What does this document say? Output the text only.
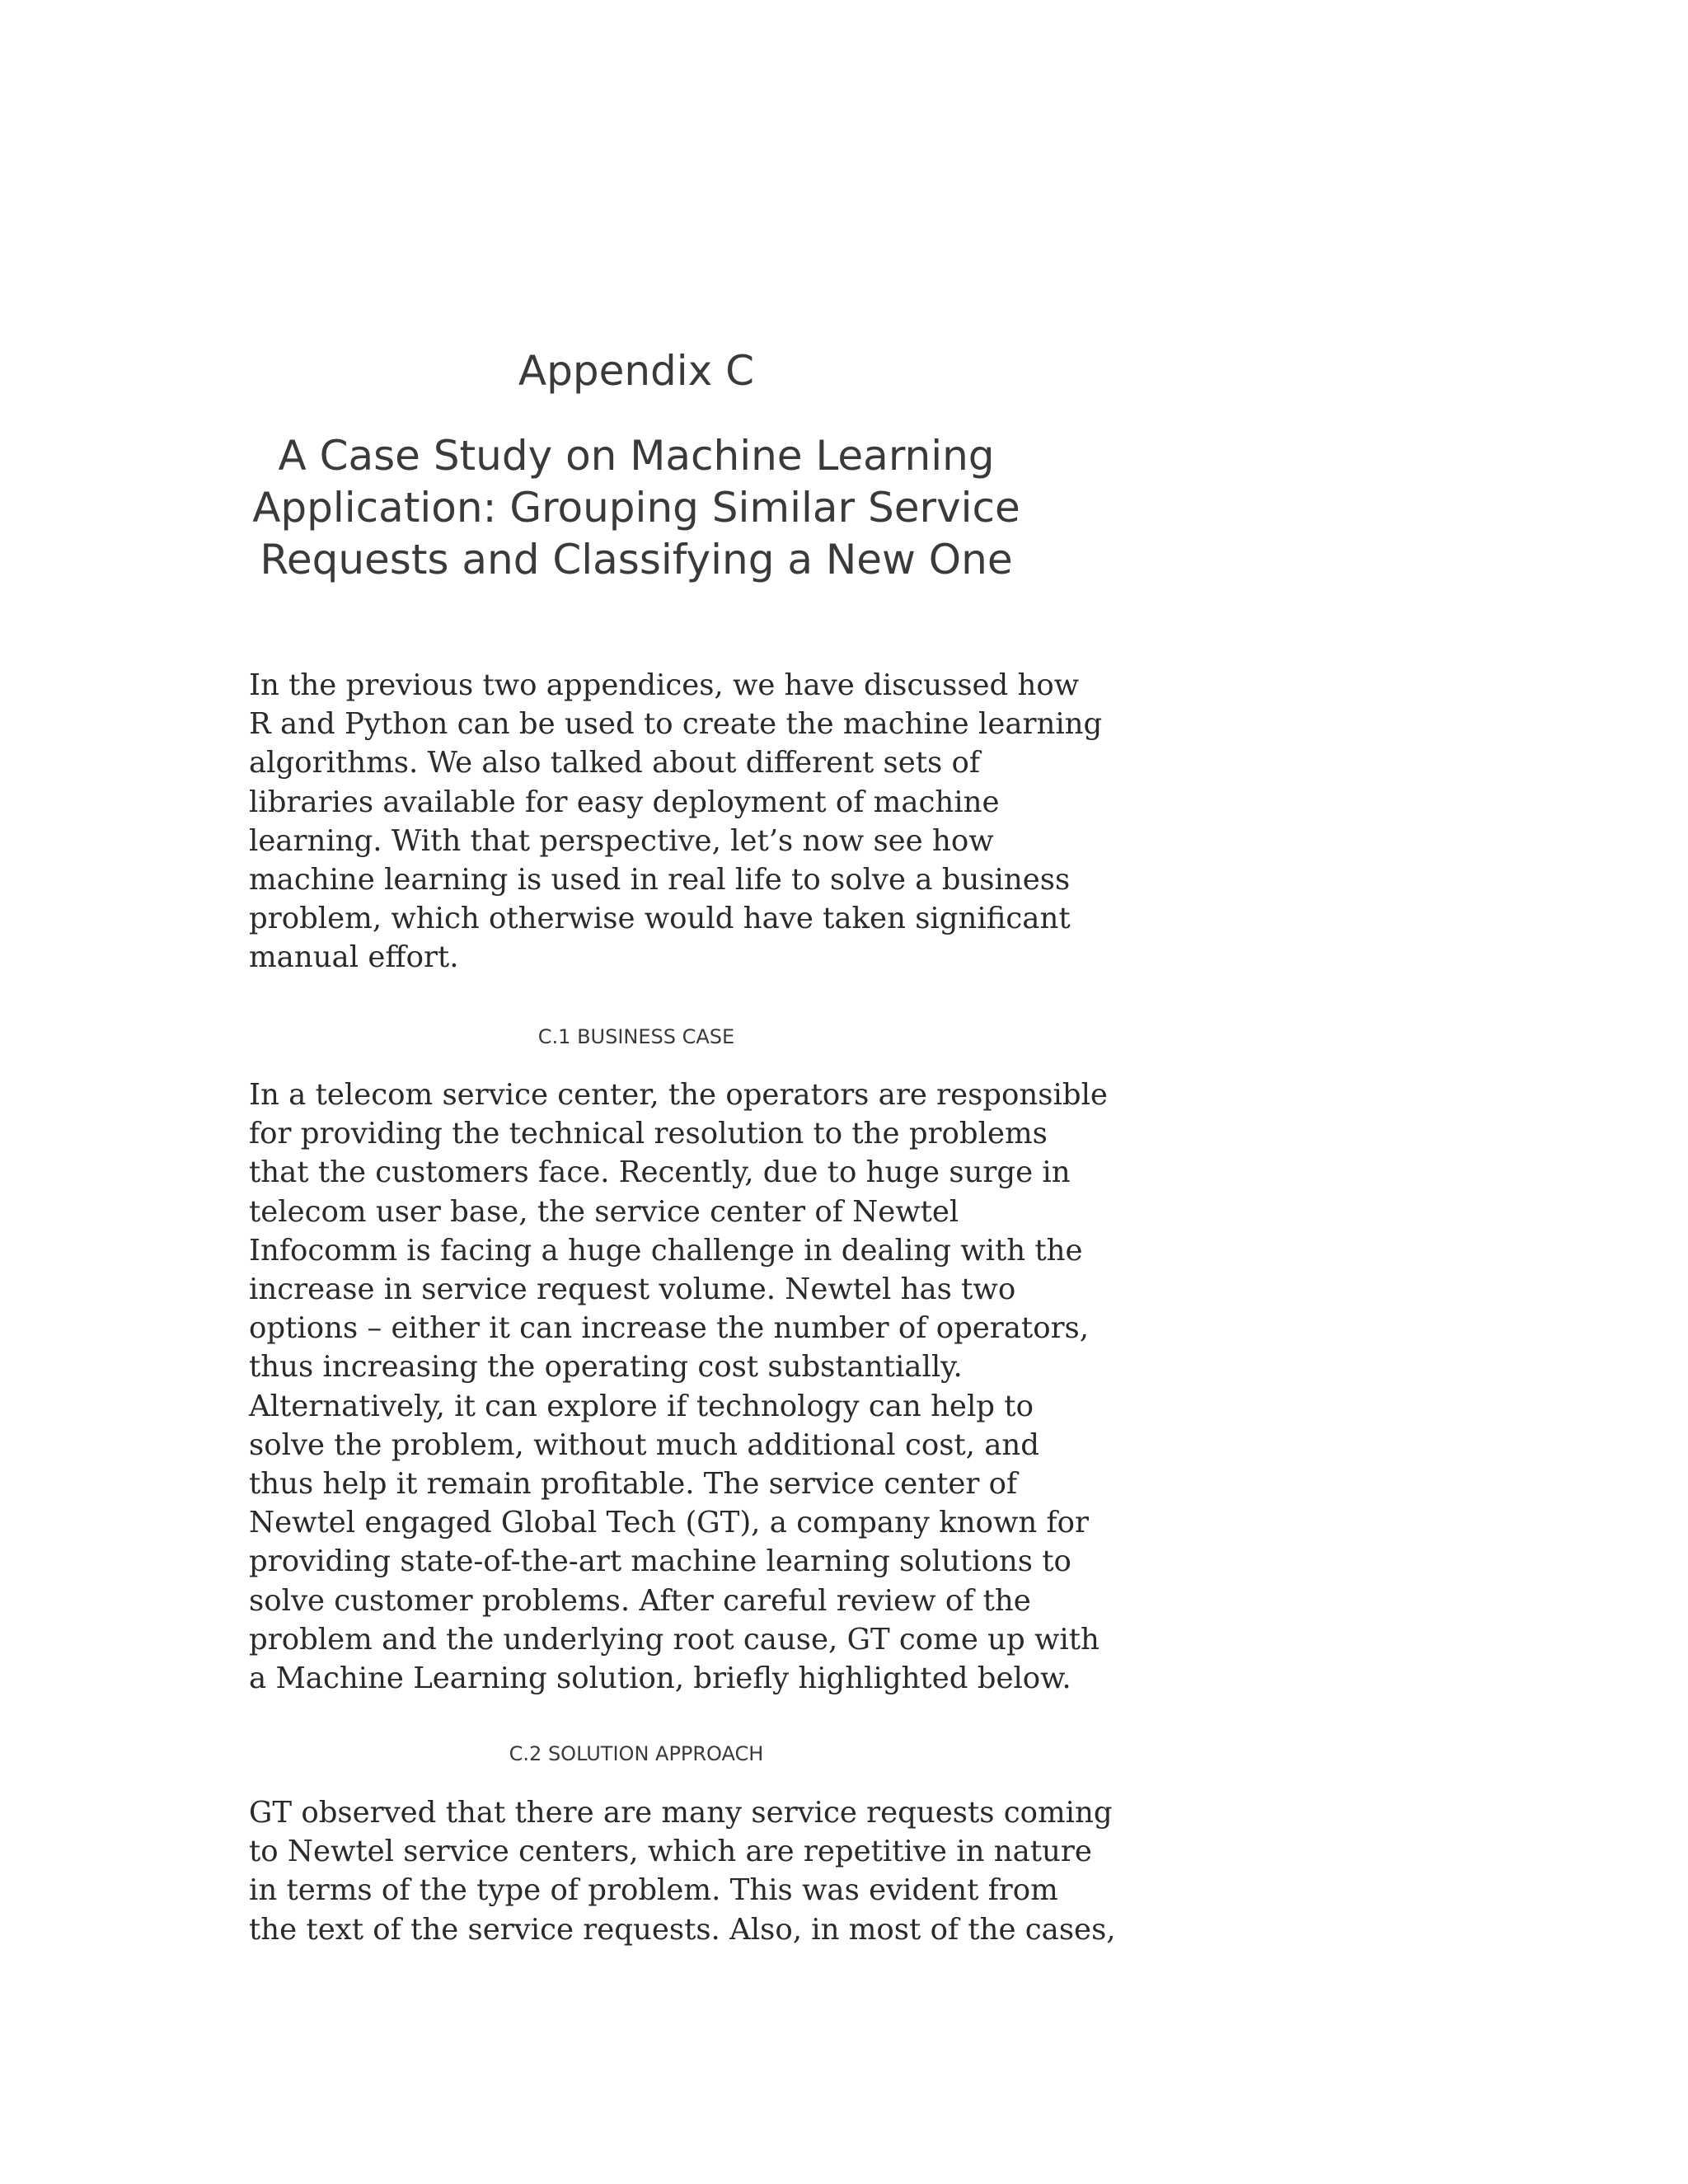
Appendix C
A Case Study on Machine Learning
Application: Grouping Similar Service
Requests and Classifying a New One

In the previous two appendices, we have discussed how
R and Python can be used to create the machine learning
algorithms. We also talked about different sets of
libraries available for easy deployment of machine
learning. With that perspective, let’s now see how
machine learning is used in real life to solve a business
problem, which otherwise would have taken significant
manual effort.

C.1 BUSINESS CASE

In a telecom service center, the operators are responsible
for providing the technical resolution to the problems
that the customers face. Recently, due to huge surge in
telecom user base, the service center of Newtel
Infocomm is facing a huge challenge in dealing with the
increase in service request volume. Newtel has two
options – either it can increase the number of operators,
thus increasing the operating cost substantially.
Alternatively, it can explore if technology can help to
solve the problem, without much additional cost, and
thus help it remain profitable. The service center of
Newtel engaged Global Tech (GT), a company known for
providing state-of-the-art machine learning solutions to
solve customer problems. After careful review of the
problem and the underlying root cause, GT come up with
a Machine Learning solution, briefly highlighted below.

C.2 SOLUTION APPROACH

GT observed that there are many service requests coming
to Newtel service centers, which are repetitive in nature
in terms of the type of problem. This was evident from
the text of the service requests. Also, in most of the cases,
